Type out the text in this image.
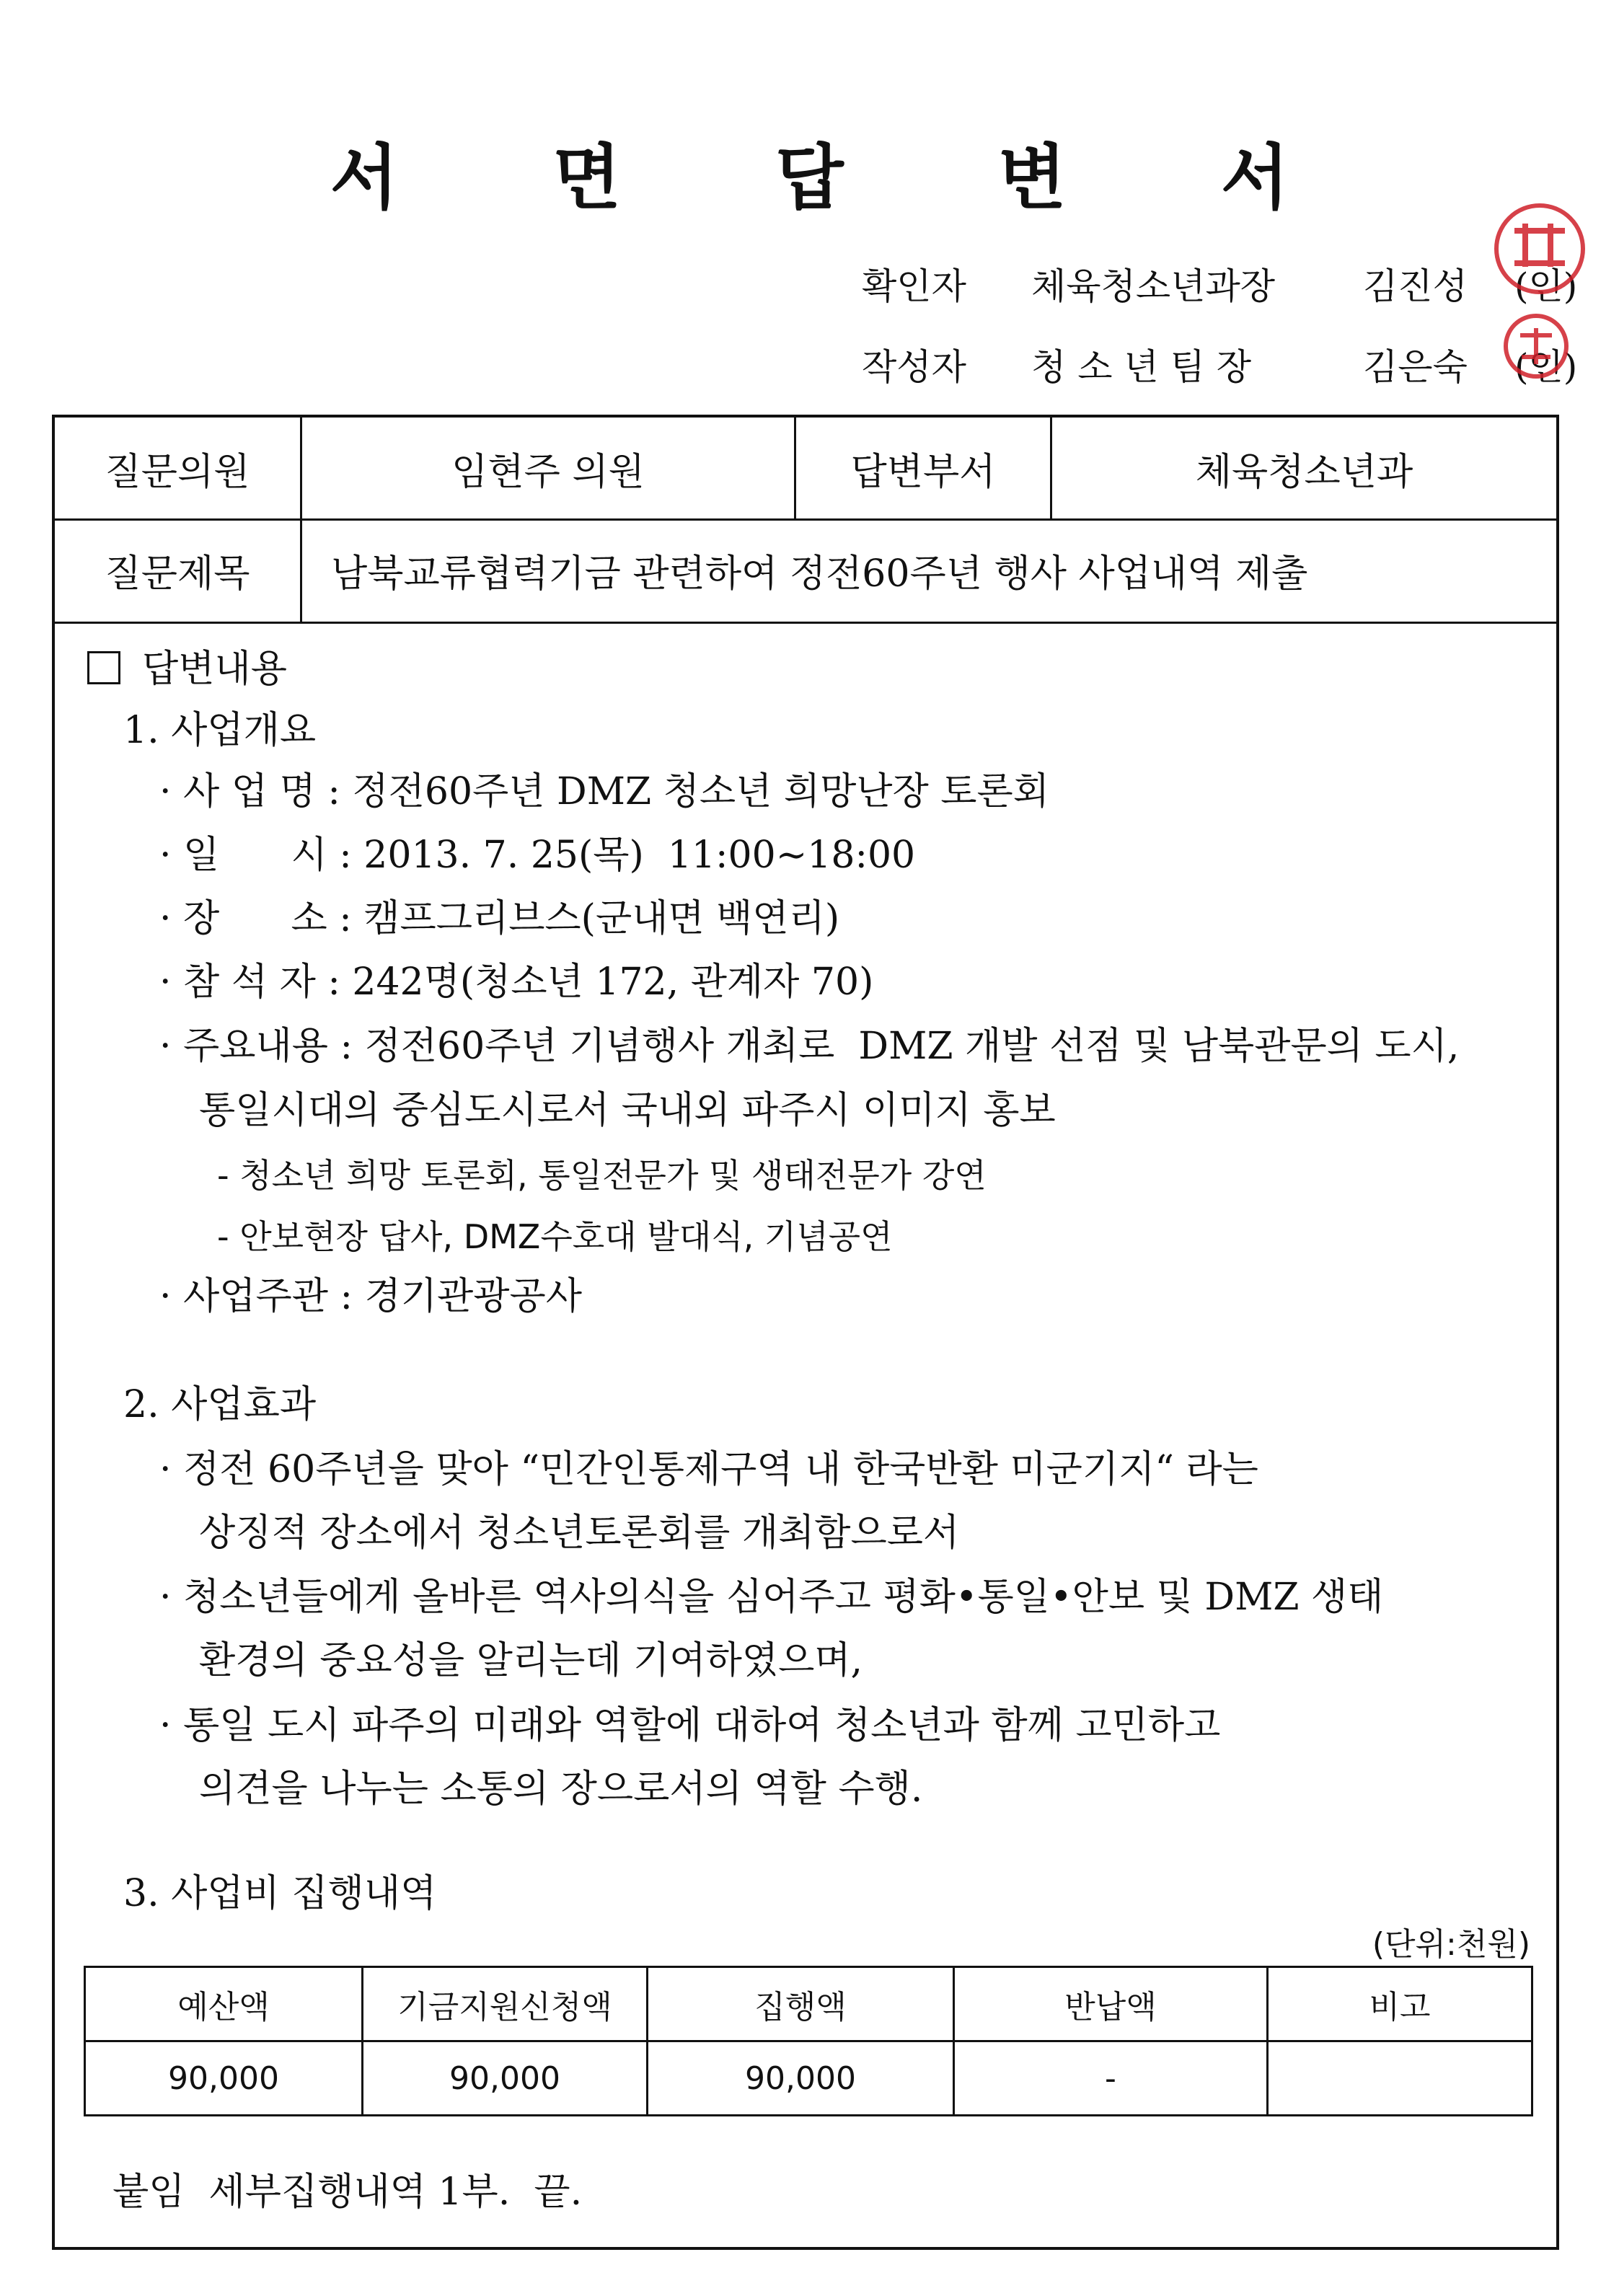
서 면 답 변 서
확인자	체육청소년과장	김진성	(인)
작성자	청 소 년 팀 장	김은숙	(인)
질문의원	임현주 의원	답변부서	체육청소년과
질문제목	남북교류협력기금 관련하여 정전60주년 행사 사업내역 제출
답변내용
1. 사업개요
· 사 업 명 : 정전60주년 DMZ 청소년 희망난장 토론회
· 일      시 : 2013. 7. 25(목)  11:00∼18:00
· 장      소 : 캠프그리브스(군내면 백연리)
· 참 석 자 : 242명(청소년 172, 관계자 70)
· 주요내용 : 정전60주년 기념행사 개최로  DMZ 개발 선점 및 남북관문의 도시,
통일시대의 중심도시로서 국내외 파주시 이미지 홍보
- 청소년 희망 토론회, 통일전문가 및 생태전문가 강연
- 안보현장 답사, DMZ수호대 발대식, 기념공연
· 사업주관 : 경기관광공사
2. 사업효과
· 정전 60주년을 맞아 “민간인통제구역 내 한국반환 미군기지“ 라는
상징적 장소에서 청소년토론회를 개최함으로서
· 청소년들에게 올바른 역사의식을 심어주고 평화•통일•안보 및 DMZ 생태
환경의 중요성을 알리는데 기여하였으며,
· 통일 도시 파주의 미래와 역할에 대하여 청소년과 함께 고민하고
의견을 나누는 소통의 장으로서의 역할 수행.
3. 사업비 집행내역
(단위:천원)
예산액	기금지원신청액	집행액	반납액	비고
90,000	90,000	90,000	-	
붙임  세부집행내역 1부.  끝.
